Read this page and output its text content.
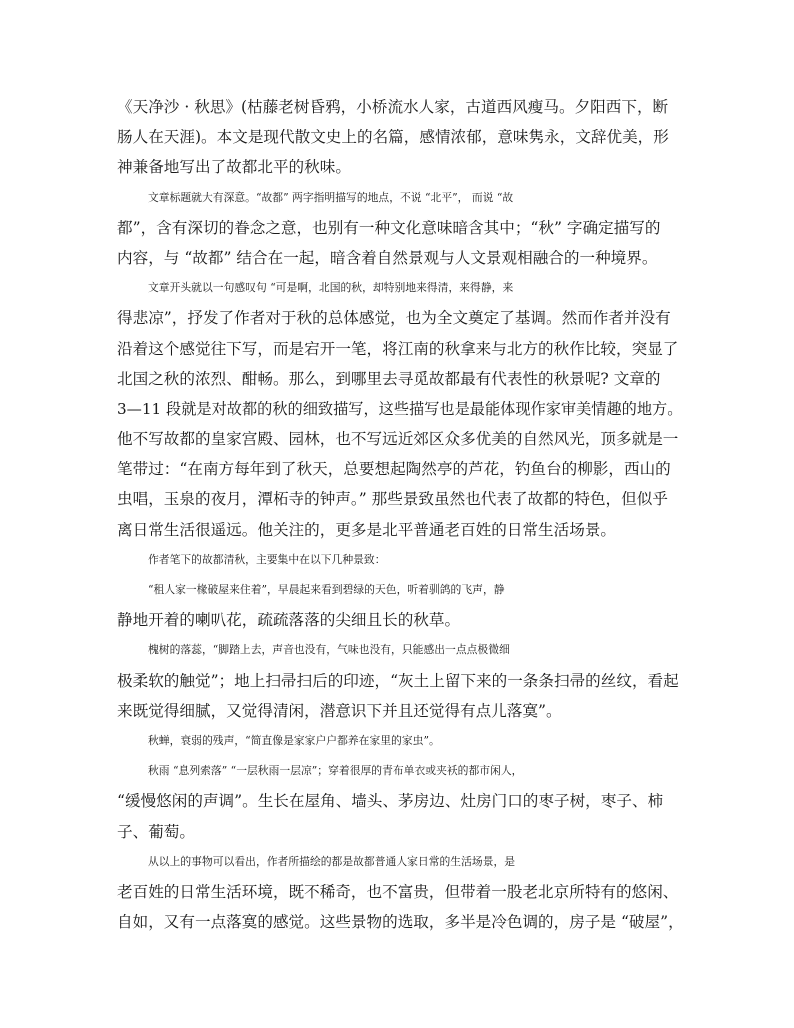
《天净沙 · 秋思》(枯藤老树昏鸦，小桥流水人家，古道西风瘦马。夕阳西下，断
肠人在天涯)。本文是现代散文史上的名篇，感情浓郁，意味隽永，文辞优美，形
神兼备地写出了故都北平的秋味。
文章标题就大有深意。“故都” 两字指明描写的地点，不说 “北平”， 而说 “故
都”，含有深切的眷念之意，也别有一种文化意味暗含其中；“秋” 字确定描写的
内容，与 “故都” 结合在一起，暗含着自然景观与人文景观相融合的一种境界。
文章开头就以一句感叹句 “可是啊，北国的秋，却特别地来得清，来得静，来
得悲凉”，抒发了作者对于秋的总体感觉，也为全文奠定了基调。然而作者并没有
沿着这个感觉往下写，而是宕开一笔，将江南的秋拿来与北方的秋作比较，突显了
北国之秋的浓烈、酣畅。那么，到哪里去寻觅故都最有代表性的秋景呢? 文章的
3—11 段就是对故都的秋的细致描写，这些描写也是最能体现作家审美情趣的地方。
他不写故都的皇家宫殿、园林，也不写远近郊区众多优美的自然风光，顶多就是一
笔带过：“在南方每年到了秋天，总要想起陶然亭的芦花，钓鱼台的柳影，西山的
虫唱，玉泉的夜月，潭柘寺的钟声。” 那些景致虽然也代表了故都的特色，但似乎
离日常生活很遥远。他关注的，更多是北平普通老百姓的日常生活场景。
作者笔下的故都清秋，主要集中在以下几种景致：
“租人家一椽破屋来住着”，早晨起来看到碧绿的天色，听着驯鸽的飞声，静
静地开着的喇叭花，疏疏落落的尖细且长的秋草。
槐树的落蕊，“脚踏上去，声音也没有，气味也没有，只能感出一点点极微细
极柔软的触觉”；地上扫帚扫后的印迹，“灰土上留下来的一条条扫帚的丝纹，看起
来既觉得细腻，又觉得清闲，潜意识下并且还觉得有点儿落寞”。
秋蝉，衰弱的残声，“简直像是家家户户都养在家里的家虫”。
秋雨 “息列索落” “一层秋雨一层凉”；穿着很厚的青布单衣或夹袄的都市闲人，
“缓慢悠闲的声调”。生长在屋角、墙头、茅房边、灶房门口的枣子树，枣子、柿
子、葡萄。
从以上的事物可以看出，作者所描绘的都是故都普通人家日常的生活场景，是
老百姓的日常生活环境，既不稀奇，也不富贵，但带着一股老北京所特有的悠闲、
自如，又有一点落寞的感觉。这些景物的选取，多半是冷色调的，房子是 “破屋”，
